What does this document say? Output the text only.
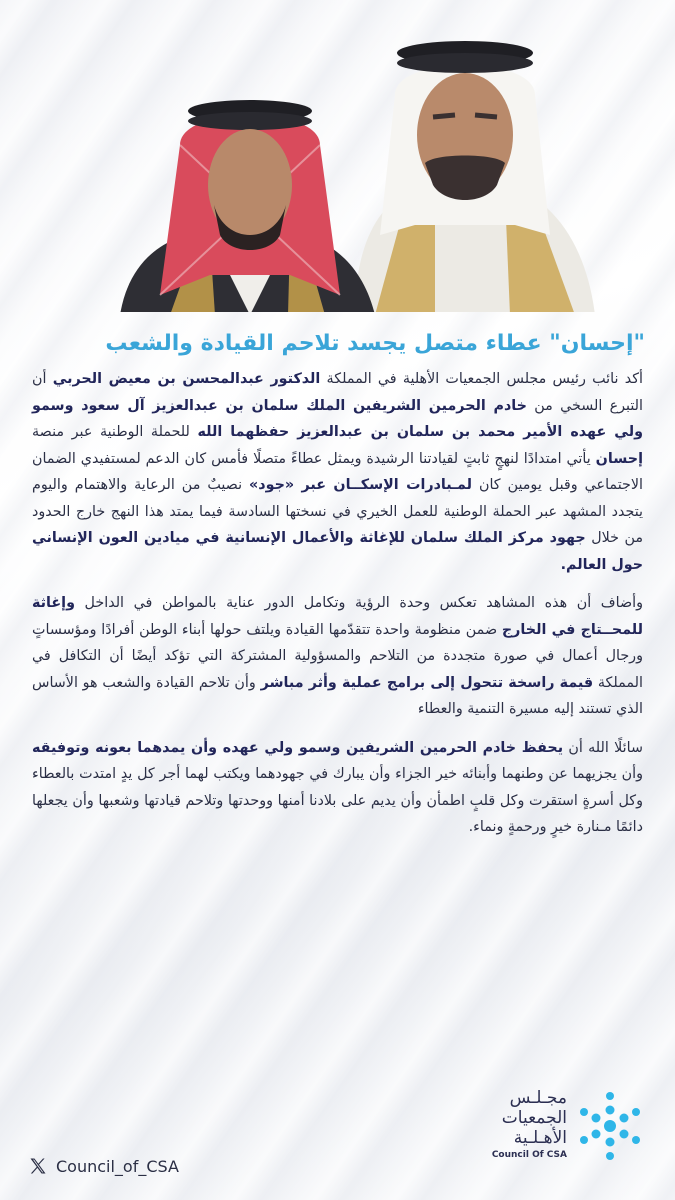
"إحسان" عطاء متصل يجسد تلاحم القيادة والشعب

أكد نائب رئيس مجلس الجمعيات الأهلية في المملكة الدكتور عبدالمحسن بن معيض الحربي أن التبرع السخي من خادم الحرمين الشريفين الملك سلمان بن عبدالعزيز آل سعود وسمو ولي عهده الأمير محمد بن سلمان بن عبدالعزيز حفظهما الله للحملة الوطنية عبر منصة إحسان يأتي امتدادًا لنهجٍ ثابتٍ لقيادتنا الرشيدة ويمثل عطاءً متصلًا فأمس كان الدعم لمستفيدي الضمان الاجتماعي وقبل يومين كان لمـبادرات الإسكــان عبر «جود» نصيبٌ من الرعاية والاهتمام واليوم يتجدد المشهد عبر الحملة الوطنية للعمل الخيري في نسختها السادسة فيما يمتد هذا النهج خارج الحدود من خلال جهود مركز الملك سلمان للإغاثة والأعمال الإنسانية في ميادين العون الإنساني حول العالم.

وأضاف أن هذه المشاهد تعكس وحدة الرؤية وتكامل الدور عناية بالمواطن في الداخل وإغاثة للمحــتاج في الخارج ضمن منظومة واحدة تتقدّمها القيادة ويلتف حولها أبناء الوطن أفرادًا ومؤسساتٍ ورجال أعمال في صورة متجددة من التلاحم والمسؤولية المشتركة التي تؤكد أيضًا أن التكافل في المملكة قيمة راسخة تتحول إلى برامج عملية وأثر مباشر وأن تلاحم القيادة والشعب هو الأساس الذي تستند إليه مسيرة التنمية والعطاء

سائلًا الله أن يحفظ خادم الحرمين الشريفين وسمو ولي عهده وأن يمدهما بعونه وتوفيقه وأن يجزيهما عن وطنهما وأبنائه خير الجزاء وأن يبارك في جهودهما ويكتب لهما أجر كل يدٍ امتدت بالعطاء وكل أسرةٍ استقرت وكل قلبٍ اطمأن وأن يديم على بلادنا أمنها ووحدتها وتلاحم قيادتها وشعبها وأن يجعلها دائمًا مـنارة خيرٍ ورحمةٍ ونماء.

Council_of_CSA
مجـلـس
الجمعيات
الأهـلـية
Council Of CSA
